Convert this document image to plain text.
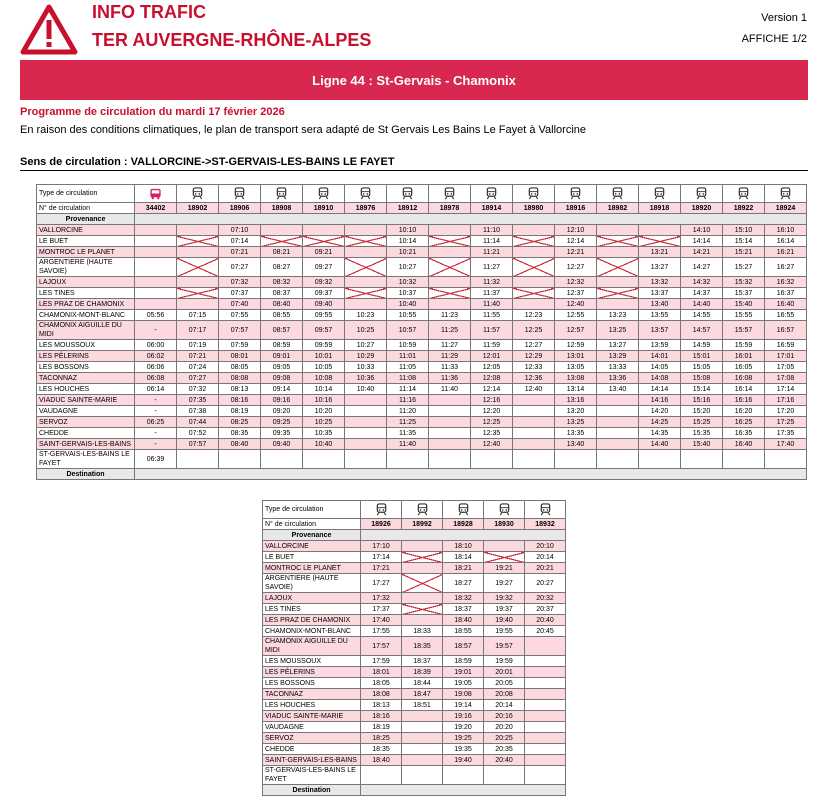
INFO TRAFIC
TER AUVERGNE-RHÔNE-ALPES
Version 1
AFFICHE 1/2
Ligne 44 : St-Gervais - Chamonix
Programme de circulation du mardi 17 février 2026
En raison des conditions climatiques, le plan de transport sera adapté de St Gervais Les Bains Le Fayet à Vallorcine
Sens de circulation : VALLORCINE->ST-GERVAIS-LES-BAINS LE FAYET
Type de circulation																
N° de circulation	34402	18902	18906	18908	18910	18976	18912	18978	18914	18980	18916	18982	18918	18920	18922	18924
Provenance																
VALLORCINE			07:10				10:10		11:10		12:10			14:10	15:10	16:10
LE BUET			07:14				10:14		11:14		12:14			14:14	15:14	16:14
MONTROC LE PLANET			07:21	08:21	09:21		10:21		11:21		12:21		13:21	14:21	15:21	16:21
ARGENTIERE (HAUTE SAVOIE)			07:27	08:27	09:27		10:27		11:27		12:27		13:27	14:27	15:27	16:27
LAJOUX			07:32	08:32	09:32		10:32		11:32		12:32		13:32	14:32	15:32	16:32
LES TINES			07:37	08:37	09:37		10:37		11:37		12:37		13:37	14:37	15:37	16:37
LES PRAZ DE CHAMONIX			07:40	08:40	09:40		10:40		11:40		12:40		13:40	14:40	15:40	16:40
CHAMONIX-MONT-BLANC	05:56	07:15	07:55	08:55	09:55	10:23	10:55	11:23	11:55	12:23	12:55	13:23	13:55	14:55	15:55	16:55
CHAMONIX AIGUILLE DU MIDI	-	07:17	07:57	08:57	09:57	10:25	10:57	11:25	11:57	12:25	12:57	13:25	13:57	14:57	15:57	16:57
LES MOUSSOUX	06:00	07:19	07:59	08:59	09:59	10:27	10:59	11:27	11:59	12:27	12:59	13:27	13:59	14:59	15:59	16:59
LES PÉLERINS	06:02	07:21	08:01	09:01	10:01	10:29	11:01	11:29	12:01	12:29	13:01	13:29	14:01	15:01	16:01	17:01
LES BOSSONS	06:06	07:24	08:05	09:05	10:05	10:33	11:05	11:33	12:05	12:33	13:05	13:33	14:05	15:05	16:05	17:05
TACONNAZ	06:08	07:27	08:08	09:08	10:08	10:36	11:08	11:36	12:08	12:36	13:08	13:36	14:08	15:08	16:08	17:08
LES HOUCHES	06:14	07:32	08:13	09:14	10:14	10:40	11:14	11:40	12:14	12:40	13:14	13:40	14:14	15:14	16:14	17:14
VIADUC SAINTE-MARIE	-	07:35	08:16	09:16	10:16		11:16		12:16		13:16		14:16	15:16	16:16	17:16
VAUDAGNE	-	07:38	08:19	09:20	10:20		11:20		12:20		13:20		14:20	15:20	16:20	17:20
SERVOZ	06:25	07:44	08:25	09:25	10:25		11:25		12:25		13:25		14:25	15:25	16:25	17:25
CHEDDE	-	07:52	08:35	09:35	10:35		11:35		12:35		13:35		14:35	15:35	16:35	17:35
SAINT-GERVAIS-LES-BAINS	-	07:57	08:40	09:40	10:40		11:40		12:40		13:40		14:40	15:40	16:40	17:40
ST-GERVAIS-LES-BAINS LE FAYET	06:39															
Destination																
Type de circulation					
N° de circulation	18926	18992	18928	18930	18932
Provenance					
VALLORCINE	17:10		18:10		20:10
LE BUET	17:14		18:14		20:14
MONTROC LE PLANET	17:21		18:21	19:21	20:21
ARGENTIERE (HAUTE SAVOIE)	17:27		18:27	19:27	20:27
LAJOUX	17:32		18:32	19:32	20:32
LES TINES	17:37		18:37	19:37	20:37
LES PRAZ DE CHAMONIX	17:40		18:40	19:40	20:40
CHAMONIX-MONT-BLANC	17:55	18:33	18:55	19:55	20:45
CHAMONIX AIGUILLE DU MIDI	17:57	18:35	18:57	19:57	
LES MOUSSOUX	17:59	18:37	18:59	19:59	
LES PÉLERINS	18:01	18:39	19:01	20:01	
LES BOSSONS	18:05	18:44	19:05	20:05	
TACONNAZ	18:08	18:47	19:08	20:08	
LES HOUCHES	18:13	18:51	19:14	20:14	
VIADUC SAINTE-MARIE	18:16		19:16	20:16	
VAUDAGNE	18:19		19:20	20:20	
SERVOZ	18:25		19:25	20:25	
CHEDDE	18:35		19:35	20:35	
SAINT-GERVAIS-LES-BAINS	18:40		19:40	20:40	
ST-GERVAIS-LES-BAINS LE FAYET					
Destination					
